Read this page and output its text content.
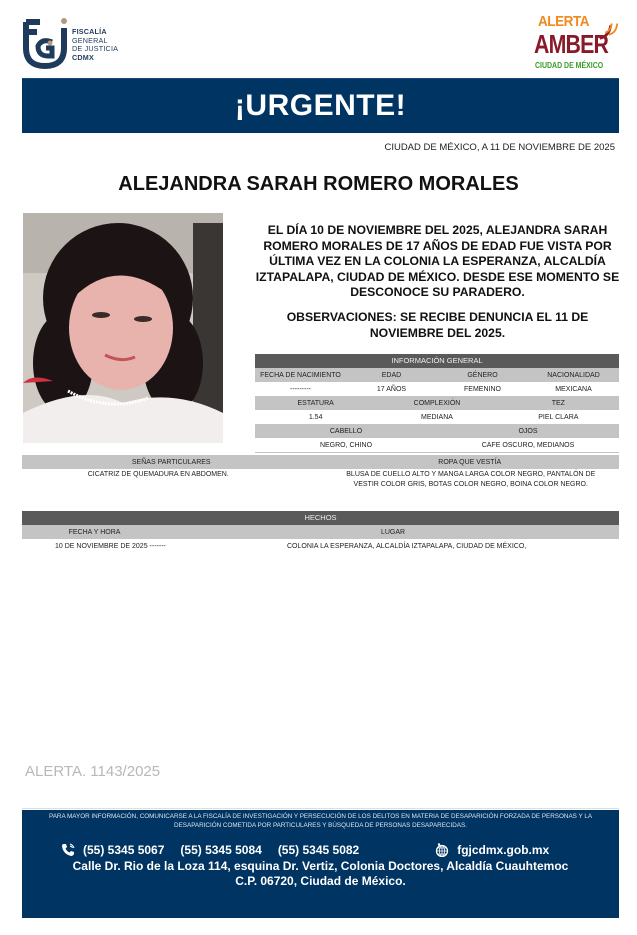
FISCALÍA
GENERAL
DE JUSTICIA
CDMX
ALERTA
AMBER
CIUDAD DE MÉXICO
¡URGENTE!
CIUDAD DE MÉXICO, A 11 DE NOVIEMBRE DE 2025
ALEJANDRA SARAH ROMERO MORALES
EL DÍA 10 DE NOVIEMBRE DEL 2025, ALEJANDRA SARAH ROMERO MORALES DE 17 AÑOS DE EDAD FUE VISTA POR ÚLTIMA VEZ EN LA COLONIA LA ESPERANZA, ALCALDÍA IZTAPALAPA, CIUDAD DE MÉXICO. DESDE ESE MOMENTO SE DESCONOCE SU PARADERO.
OBSERVACIONES: SE RECIBE DENUNCIA EL 11 DE NOVIEMBRE DEL 2025.
INFORMACIÓN GENERAL
FECHA DE NACIMIENTO	EDAD	GÉNERO	NACIONALIDAD
---------	17 AÑOS	FEMENINO	MEXICANA
ESTATURA	COMPLEXIÓN	TEZ
1.54	MEDIANA	PIEL CLARA
CABELLO	OJOS
NEGRO, CHINO	CAFE OSCURO, MEDIANOS
SEÑAS PARTICULARES	ROPA QUE VESTÍA
CICATRIZ DE QUEMADURA EN ABDOMEN.	BLUSA DE CUELLO ALTO Y MANGA LARGA COLOR NEGRO, PANTALÓN DE VESTIR COLOR GRIS, BOTAS COLOR NEGRO, BOINA COLOR NEGRO.
HECHOS
FECHA Y HORA	LUGAR
10 DE NOVIEMBRE DE 2025 -------	COLONIA LA ESPERANZA, ALCALDÍA IZTAPALAPA, CIUDAD DE MÉXICO,
ALERTA. 1143/2025
PARA MAYOR INFORMACIÓN, COMUNICARSE A LA FISCALÍA DE INVESTIGACIÓN Y PERSECUCIÓN DE LOS DELITOS EN MATERIA DE DESAPARICIÓN FORZADA DE PERSONAS Y LA DESAPARICIÓN COMETIDA POR PARTICULARES Y BÚSQUEDA DE PERSONAS DESAPARECIDAS.
(55) 5345 5067 (55) 5345 5084 (55) 5345 5082	fgjcdmx.gob.mx
Calle Dr. Rio de la Loza 114, esquina Dr. Vertiz, Colonia Doctores, Alcaldía Cuauhtemoc
C.P. 06720, Ciudad de México.
